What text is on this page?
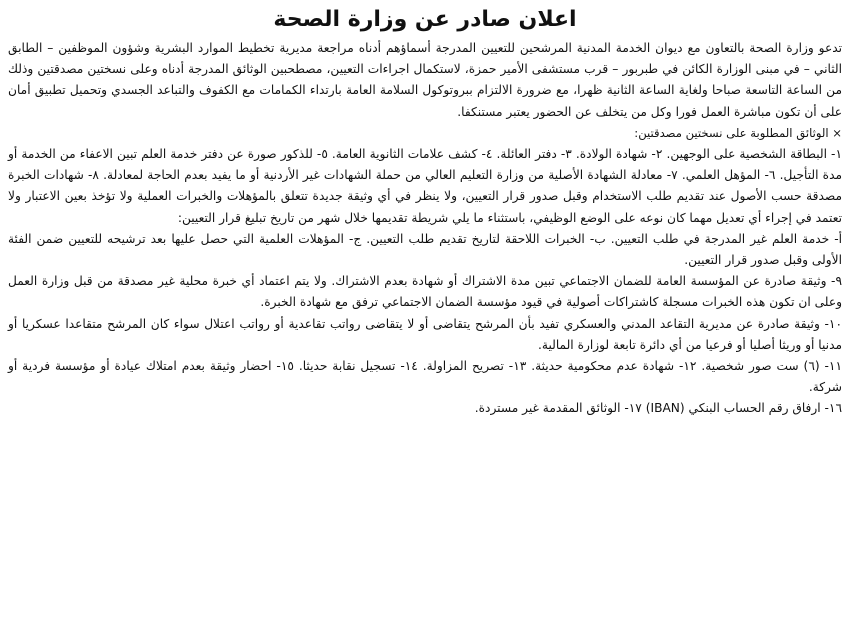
اعلان صادر عن وزارة الصحة

تدعو وزارة الصحة بالتعاون مع ديوان الخدمة المدنية المرشحين للتعيين المدرجة أسماؤهم أدناه مراجعة مديرية تخطيط الموارد البشرية وشؤون الموظفين – الطابق الثاني – في مبنى الوزارة الكائن في طبربور – قرب مستشفى الأمير حمزة، لاستكمال اجراءات التعيين، مصطحبين الوثائق المدرجة أدناه وعلى نسختين مصدقتين وذلك من الساعة التاسعة صباحا ولغاية الساعة الثانية ظهرا، مع ضرورة الالتزام ببروتوكول السلامة العامة بارتداء الكمامات مع الكفوف والتباعد الجسدي وتحميل تطبيق أمان على أن تكون مباشرة العمل فورا وكل من يتخلف عن الحضور يعتبر مستنكفا.

× الوثائق المطلوبة على نسختين مصدقتين:

١- البطاقة الشخصية على الوجهين. ٢- شهادة الولادة. ٣- دفتر العائلة. ٤- كشف علامات الثانوية العامة. ٥- للذكور صورة عن دفتر خدمة العلم تبين الاعفاء من الخدمة أو مدة التأجيل. ٦- المؤهل العلمي. ٧- معادلة الشهادة الأصلية من وزارة التعليم العالي من حملة الشهادات غير الأردنية أو ما يفيد بعدم الحاجة لمعادلة. ٨- شهادات الخبرة مصدقة حسب الأصول عند تقديم طلب الاستخدام وقبل صدور قرار التعيين، ولا ينظر في أي وثيقة جديدة تتعلق بالمؤهلات والخبرات العملية ولا تؤخذ بعين الاعتبار ولا تعتمد في إجراء أي تعديل مهما كان نوعه على الوضع الوظيفي، باستثناء ما يلي شريطة تقديمها خلال شهر من تاريخ تبليغ قرار التعيين:

أ- خدمة العلم غير المدرجة في طلب التعيين. ب- الخبرات اللاحقة لتاريخ تقديم طلب التعيين. ج- المؤهلات العلمية التي حصل عليها بعد ترشيحه للتعيين ضمن الفئة الأولى وقبل صدور قرار التعيين.

٩- وثيقة صادرة عن المؤسسة العامة للضمان الاجتماعي تبين مدة الاشتراك أو شهادة بعدم الاشتراك. ولا يتم اعتماد أي خبرة محلية غير مصدقة من قبل وزارة العمل وعلى ان تكون هذه الخبرات مسجلة كاشتراكات أصولية في قيود مؤسسة الضمان الاجتماعي ترفق مع شهادة الخبرة.

١٠- وثيقة صادرة عن مديرية التقاعد المدني والعسكري تفيد بأن المرشح يتقاضى أو لا يتقاضى رواتب تقاعدية أو رواتب اعتلال سواء كان المرشح متقاعدا عسكريا أو مدنيا أو وريثا أصليا أو فرعيا من أي دائرة تابعة لوزارة المالية.

١١- (٦) ست صور شخصية. ١٢- شهادة عدم محكومية حديثة. ١٣- تصريح المزاولة. ١٤- تسجيل نقابة حديثا. ١٥- احضار وثيقة بعدم امتلاك عيادة أو مؤسسة فردية أو شركة.

١٦- ارفاق رقم الحساب البنكي (IBAN) ١٧- الوثائق المقدمة غير مستردة.
